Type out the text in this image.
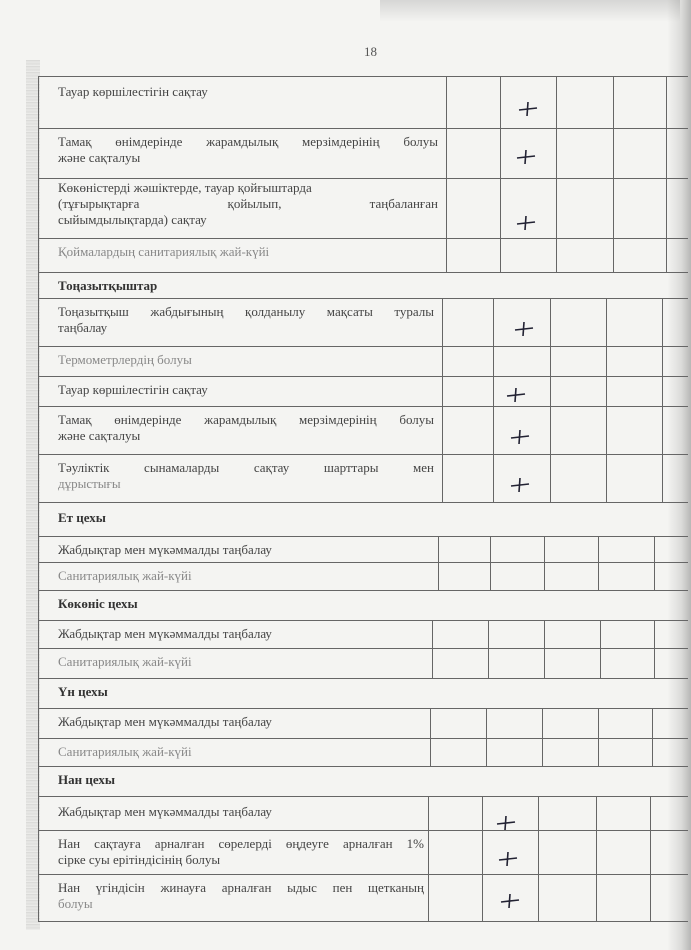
18
Тауар көршілестігін сақтау
Тамақ өнімдерінде жарамдылық мерзімдерінің болуы
және сақталуы
Көкөністерді жәшіктерде, тауар қойғыштарда
(тұғырықтарға қойылып, таңбаланған
сыйымдылықтарда) сақтау
Қоймалардың санитариялық жай-күйі
Тоңазытқыштар
Тоңазытқыш жабдығының қолданылу мақсаты туралы
таңбалау
Термометрлердің болуы
Тауар көршілестігін сақтау
Тамақ өнімдерінде жарамдылық мерзімдерінің болуы
және сақталуы
Тәуліктік сынамаларды сақтау шарттары мен
дұрыстығы
Ет цехы
Жабдықтар мен мүкәммалды таңбалау
Санитариялық жай-күйі
Көкөніс цехы
Жабдықтар мен мүкәммалды таңбалау
Санитариялық жай-күйі
Үн цехы
Жабдықтар мен мүкәммалды таңбалау
Санитариялық жай-күйі
Нан цехы
Жабдықтар мен мүкәммалды таңбалау
Нан сақтауға арналған сөрелерді өңдеуге арналған 1%
сірке суы ерітіндісінің болуы
Нан үгіндісін жинауға арналған ыдыс пен щетканың
болуы
